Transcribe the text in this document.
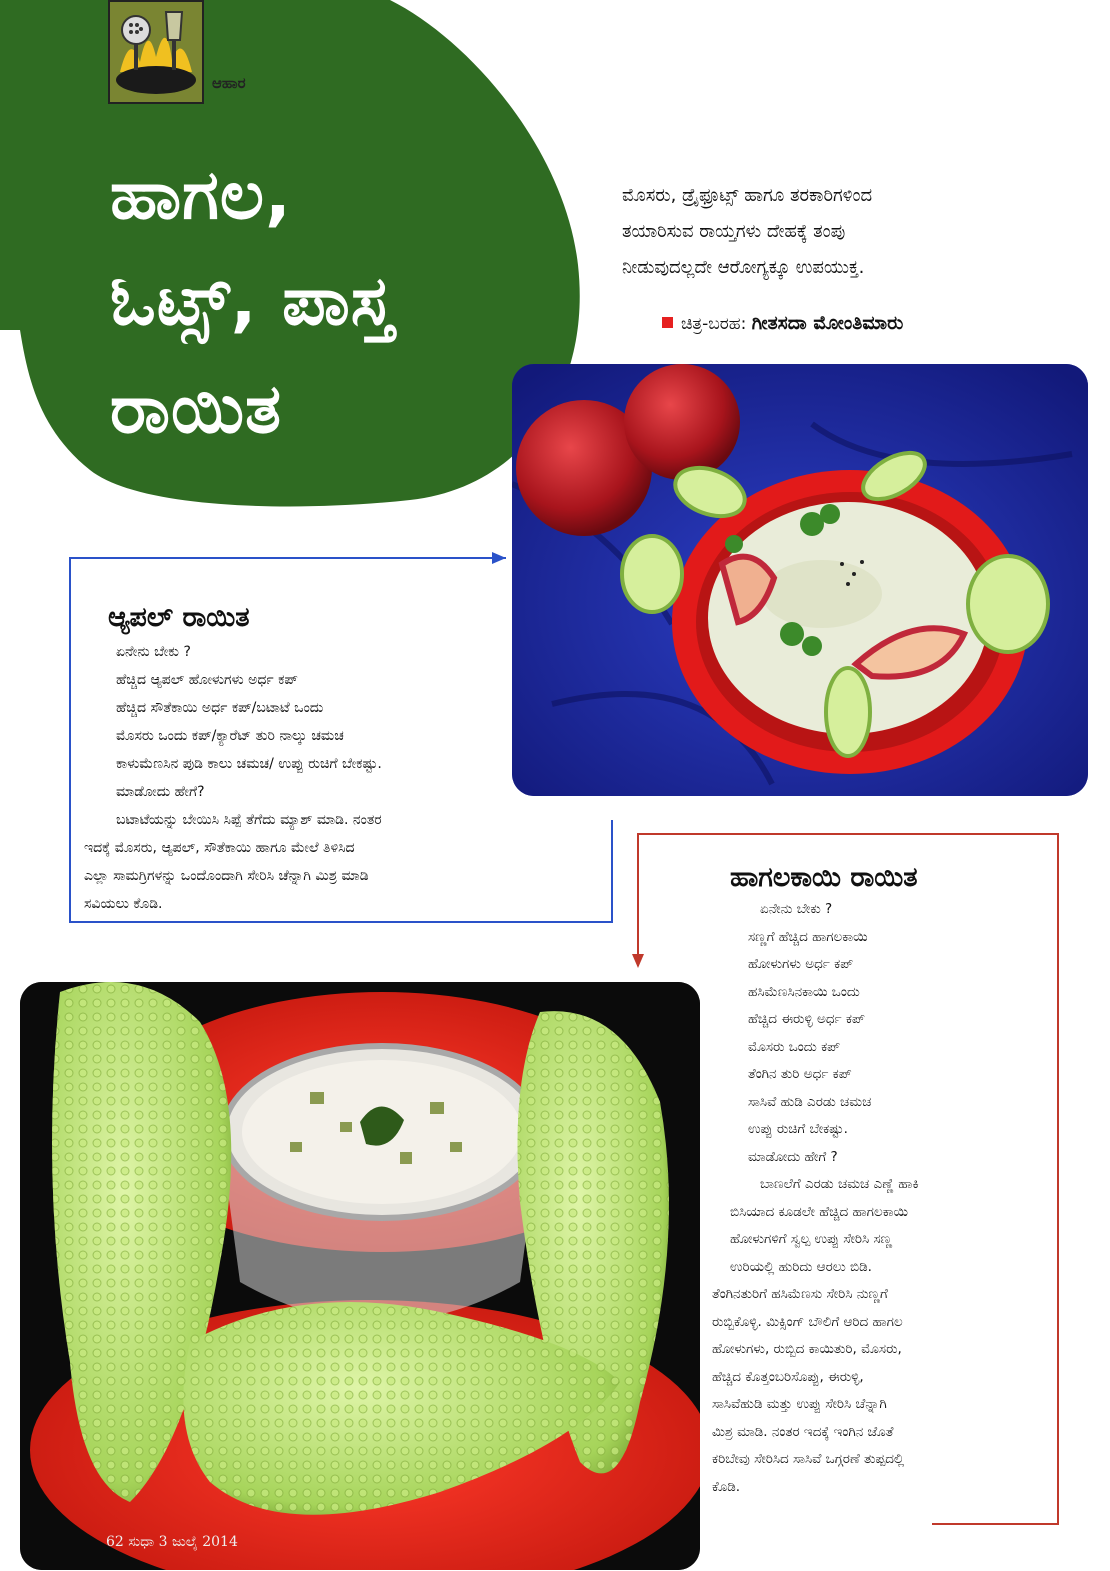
ಆಹಾರ
ಹಾಗಲ,
ಓಟ್ಸ್, ಪಾಸ್ತ
ರಾಯಿತ
ಮೊಸರು, ಡ್ರೈಫ್ರೂಟ್ಸ್ ಹಾಗೂ ತರಕಾರಿಗಳಿಂದ
ತಯಾರಿಸುವ ರಾಯ್ತಗಳು ದೇಹಕ್ಕೆ ತಂಪು
ನೀಡುವುದಲ್ಲದೇ ಆರೋಗ್ಯಕ್ಕೂ ಉಪಯುಕ್ತ.
ಚಿತ್ರ-ಬರಹ: ಗೀತಸದಾ ಮೋಂತಿಮಾರು
ಆ್ಯಪಲ್ ರಾಯಿತ
ಏನೇನು ಬೇಕು ?
ಹೆಚ್ಚಿದ ಆ್ಯಪಲ್ ಹೋಳುಗಳು ಅರ್ಧ ಕಪ್
ಹೆಚ್ಚಿದ ಸೌತೆಕಾಯಿ ಅರ್ಧ ಕಪ್/ಬಟಾಟೆ ಒಂದು
ಮೊಸರು ಒಂದು ಕಪ್/ಕ್ಯಾರೆಟ್ ತುರಿ ನಾಲ್ಕು ಚಮಚ
ಕಾಳುಮೆಣಸಿನ ಪುಡಿ ಕಾಲು ಚಮಚ/ ಉಪ್ಪು ರುಚಿಗೆ ಬೇಕಷ್ಟು.
ಮಾಡೋದು ಹೇಗೆ?
ಬಟಾಟೆಯನ್ನು ಬೇಯಿಸಿ ಸಿಪ್ಪೆ ತೆಗೆದು ಮ್ಯಾಶ್ ಮಾಡಿ. ನಂತರ
ಇದಕ್ಕೆ ಮೊಸರು, ಆ್ಯಪಲ್, ಸೌತೆಕಾಯಿ ಹಾಗೂ ಮೇಲೆ ತಿಳಿಸಿದ
ಎಲ್ಲಾ ಸಾಮಗ್ರಿಗಳನ್ನು ಒಂದೊಂದಾಗಿ ಸೇರಿಸಿ ಚೆನ್ನಾಗಿ ಮಿಶ್ರ ಮಾಡಿ
ಸವಿಯಲು ಕೊಡಿ.
ಹಾಗಲಕಾಯಿ ರಾಯಿತ
ಏನೇನು ಬೇಕು ?
ಸಣ್ಣಗೆ ಹೆಚ್ಚಿದ ಹಾಗಲಕಾಯಿ
ಹೋಳುಗಳು ಅರ್ಧ ಕಪ್
ಹಸಿಮೆಣಸಿನಕಾಯಿ ಒಂದು
ಹೆಚ್ಚಿದ ಈರುಳ್ಳಿ ಅರ್ಧ ಕಪ್
ಮೊಸರು ಒಂದು ಕಪ್
ತೆಂಗಿನ ತುರಿ ಅರ್ಧ ಕಪ್
ಸಾಸಿವೆ ಹುಡಿ ಎರಡು ಚಮಚ
ಉಪ್ಪು ರುಚಿಗೆ ಬೇಕಷ್ಟು.
ಮಾಡೋದು ಹೇಗೆ ?
ಬಾಣಲೆಗೆ ಎರಡು ಚಮಚ ಎಣ್ಣೆ ಹಾಕಿ
ಬಿಸಿಯಾದ ಕೂಡಲೇ ಹೆಚ್ಚಿದ ಹಾಗಲಕಾಯಿ
ಹೋಳುಗಳಿಗೆ ಸ್ವಲ್ಪ ಉಪ್ಪು ಸೇರಿಸಿ ಸಣ್ಣ
ಉರಿಯಲ್ಲಿ ಹುರಿದು ಆರಲು ಬಿಡಿ.
ತೆಂಗಿನತುರಿಗೆ ಹಸಿಮೆಣಸು ಸೇರಿಸಿ ನುಣ್ಣಗೆ
ರುಬ್ಬಿಕೊಳ್ಳಿ. ಮಿಕ್ಸಿಂಗ್ ಬೌಲಿಗೆ ಆರಿದ ಹಾಗಲ
ಹೋಳುಗಳು, ರುಬ್ಬಿದ ಕಾಯಿತುರಿ, ಮೊಸರು,
ಹೆಚ್ಚಿದ ಕೊತ್ತಂಬರಿಸೊಪ್ಪು, ಈರುಳ್ಳಿ,
ಸಾಸಿವೆಹುಡಿ ಮತ್ತು ಉಪ್ಪು ಸೇರಿಸಿ ಚೆನ್ನಾಗಿ
ಮಿಶ್ರ ಮಾಡಿ. ನಂತರ ಇದಕ್ಕೆ ಇಂಗಿನ ಜೊತೆ
ಕರಿಬೇವು ಸೇರಿಸಿದ ಸಾಸಿವೆ ಒಗ್ಗರಣೆ ತುಪ್ಪದಲ್ಲಿ
ಕೊಡಿ.
62 ಸುಧಾ 3 ಜುಲೈ 2014
